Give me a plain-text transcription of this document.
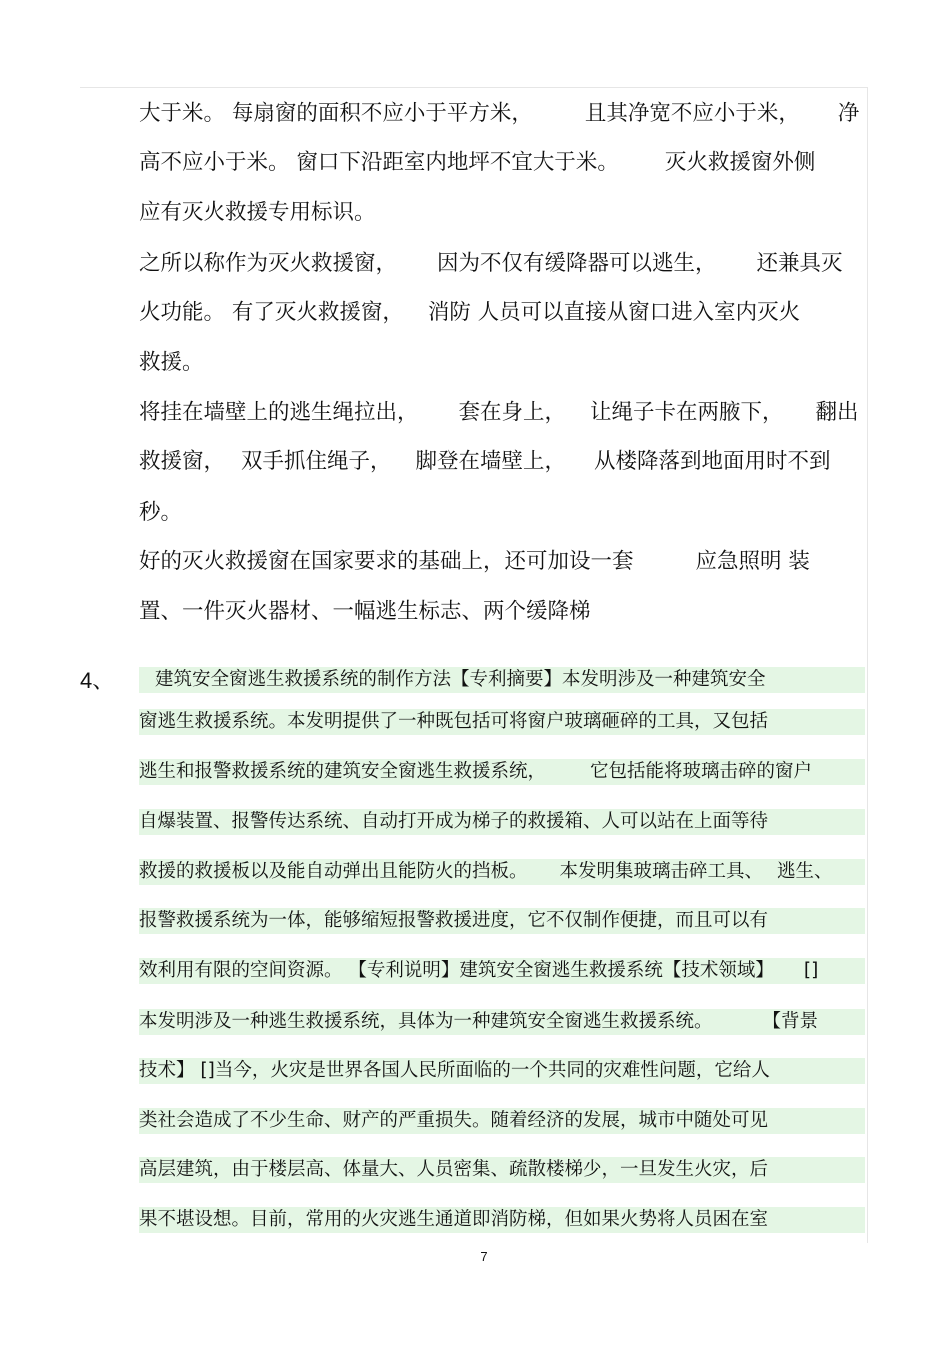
大于米。 每扇窗的面积不应小于平方米， 且其净宽不应小于米， 净
高不应小于米。 窗口下沿距室内地坪不宜大于米。 灭火救援窗外侧
应有灭火救援专用标识。
之所以称作为灭火救援窗， 因为不仅有缓降器可以逃生， 还兼具灭
火功能。 有了灭火救援窗， 消防 人员可以直接从窗口进入室内灭火
救援。
将挂在墙壁上的逃生绳拉出， 套在身上， 让绳子卡在两腋下， 翻出
救援窗， 双手抓住绳子， 脚登在墙壁上， 从楼降落到地面用时不到
秒。
好的灭火救援窗在国家要求的基础上，还可加设一套	应急照明 装
置、一件灭火器材、一幅逃生标志、两个缓降梯
4、 建筑安全窗逃生救援系统的制作方法【专利摘要】本发明涉及一种建筑安全
窗逃生救援系统。本发明提供了一种既包括可将窗户玻璃砸碎的工具，又包括
逃生和报警救援系统的建筑安全窗逃生救援系统， 它包括能将玻璃击碎的窗户
自爆装置、报警传达系统、自动打开成为梯子的救援箱、人可以站在上面等待
救援的救援板以及能自动弹出且能防火的挡板。 本发明集玻璃击碎工具、 逃生、
报警救援系统为一体，能够缩短报警救援进度，它不仅制作便捷，而且可以有
效利用有限的空间资源。 【专利说明】建筑安全窗逃生救援系统【技术领域】 []
本发明涉及一种逃生救援系统，具体为一种建筑安全窗逃生救援系统。	【背景
技术】 []当今，火灾是世界各国人民所面临的一个共同的灾难性问题，它给人
类社会造成了不少生命、财产的严重损失。随着经济的发展，城市中随处可见
高层建筑，由于楼层高、体量大、人员密集、疏散楼梯少，一旦发生火灾，后
果不堪设想。目前，常用的火灾逃生通道即消防梯，但如果火势将人员困在室
7
